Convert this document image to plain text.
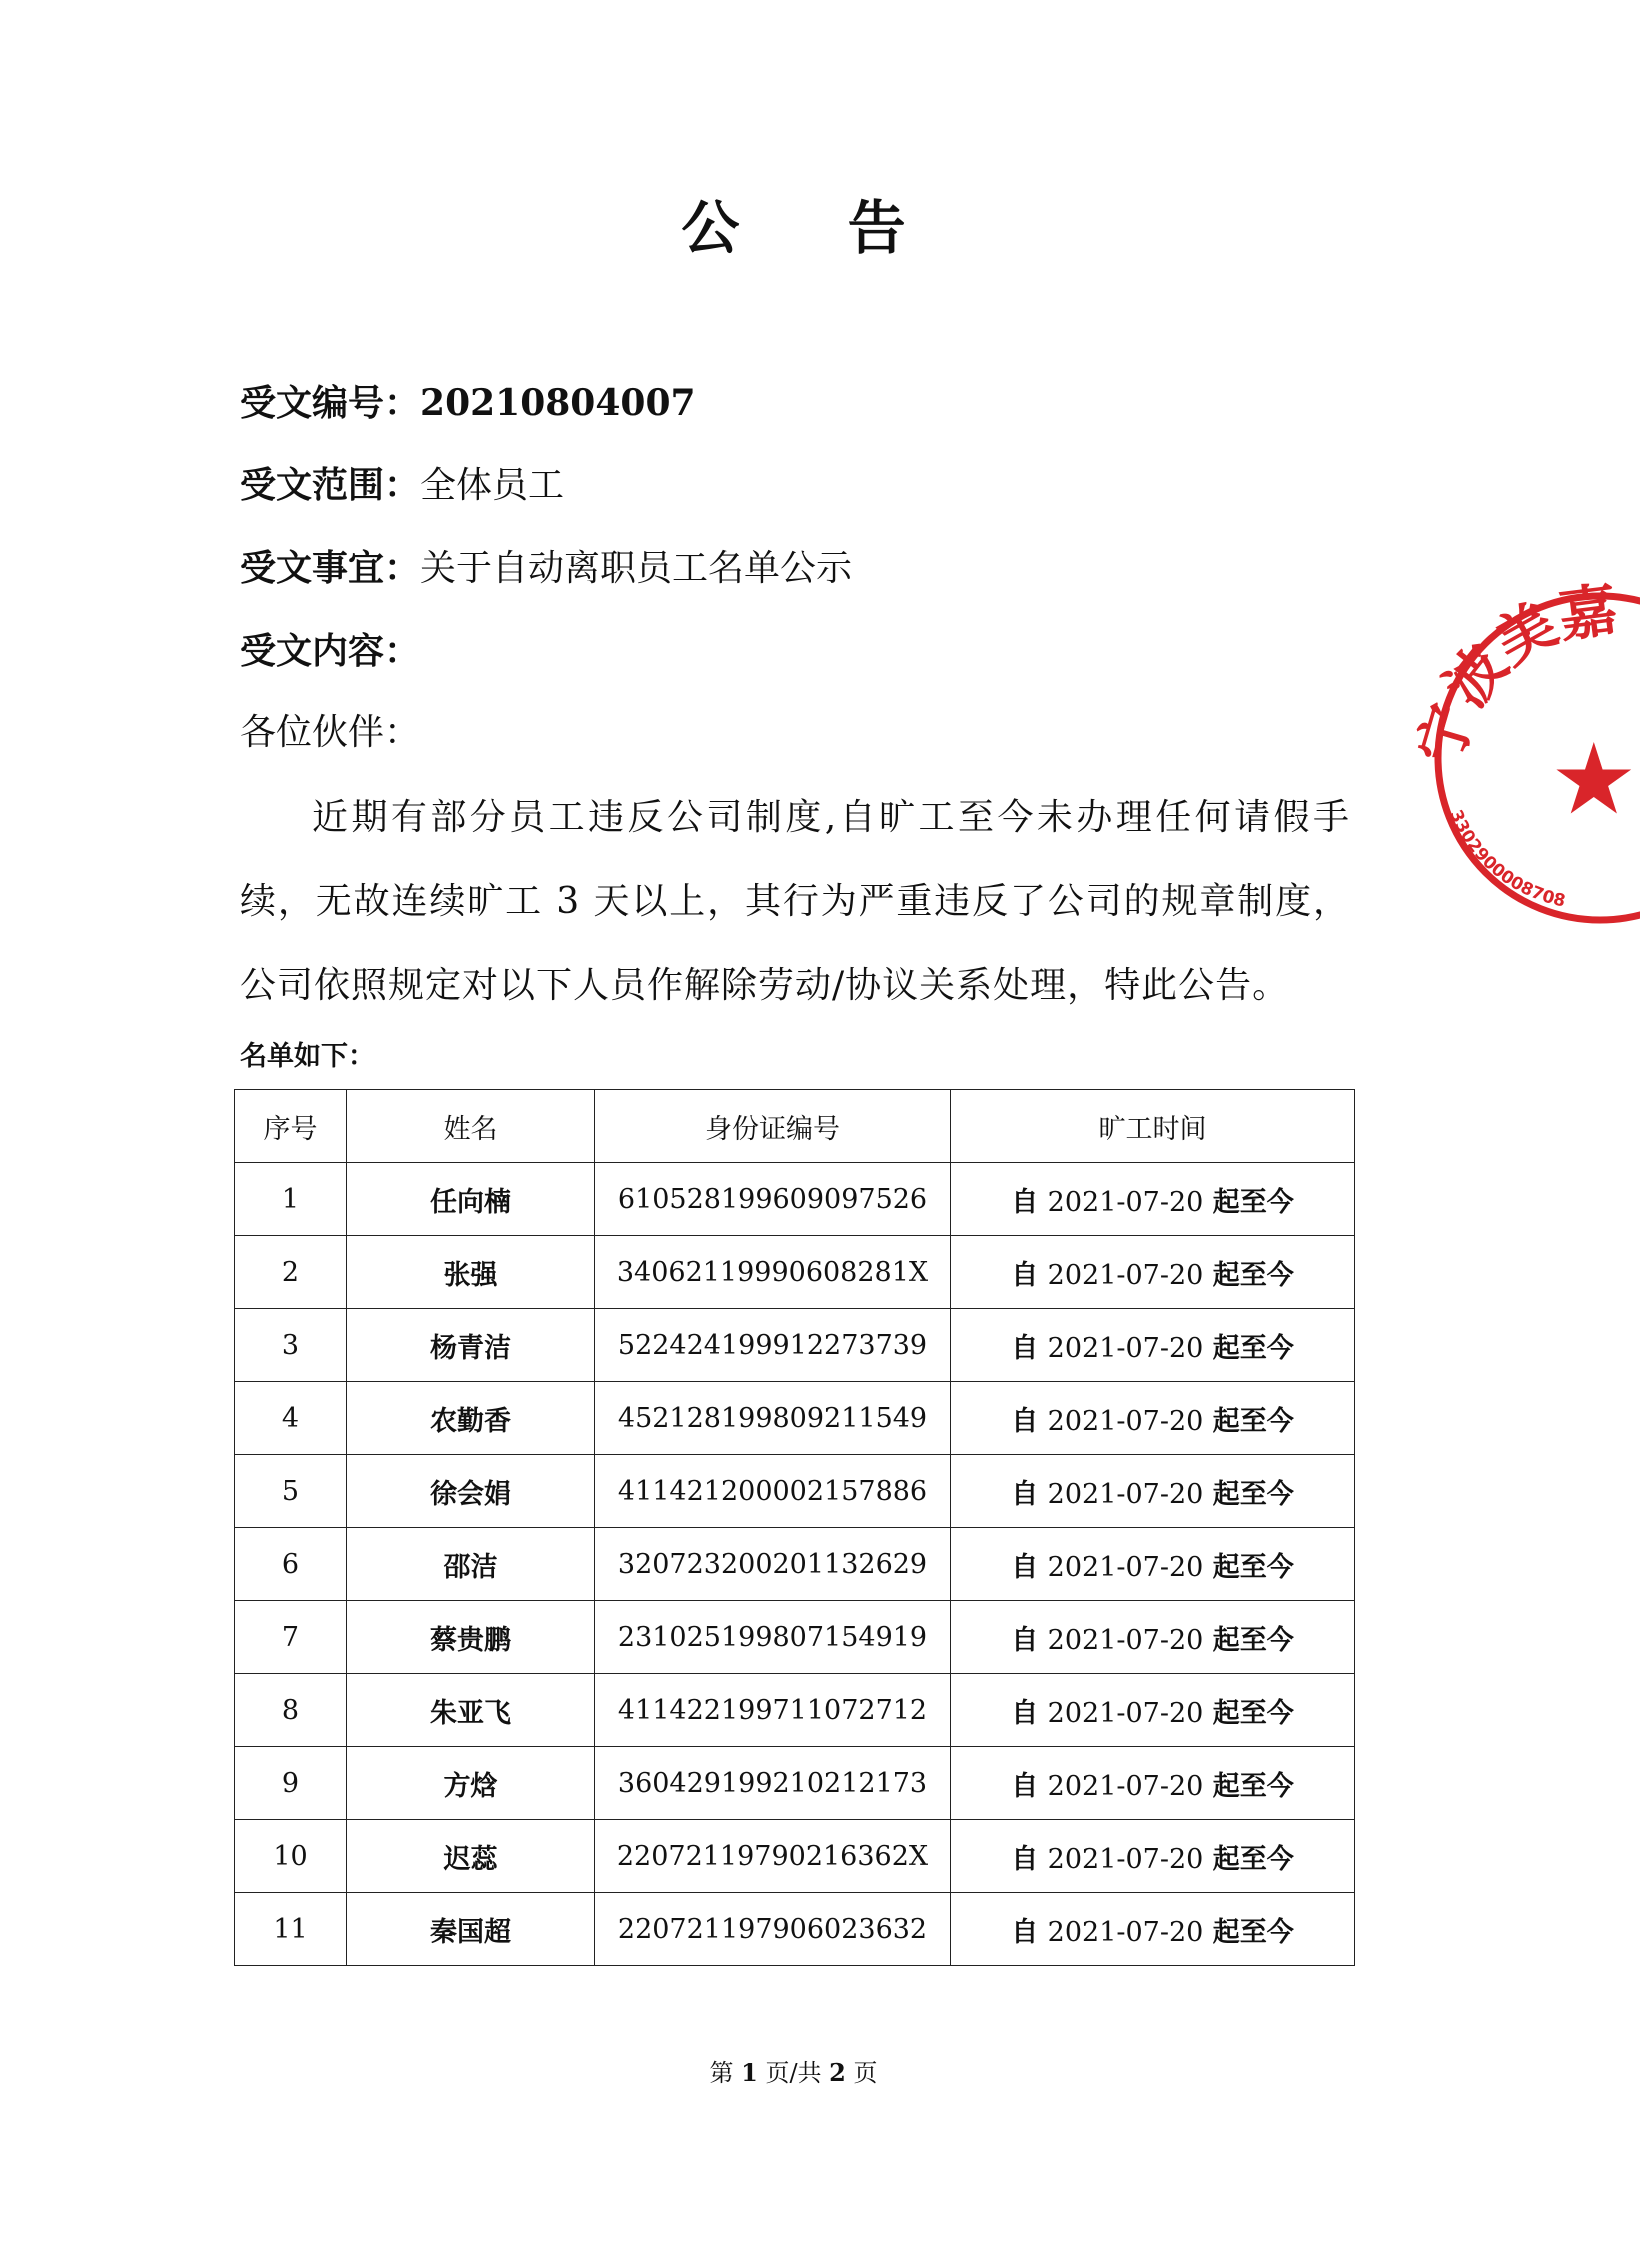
公 告
受文编号：20210804007
受文范围：全体员工
受文事宜：关于自动离职员工名单公示
受文内容：
各位伙伴：
近期有部分员工违反公司制度,自旷工至今未办理任何请假手续，无故连续旷工 3 天以上，其行为严重违反了公司的规章制度，公司依照规定对以下人员作解除劳动/协议关系处理，特此公告。
名单如下：
序号	姓名	身份证编号	旷工时间
1	任向楠	610528199609097526	自 2021-07-20 起至今
2	张强	34062119990608281X	自 2021-07-20 起至今
3	杨青洁	522424199912273739	自 2021-07-20 起至今
4	农勤香	452128199809211549	自 2021-07-20 起至今
5	徐会娟	411421200002157886	自 2021-07-20 起至今
6	邵洁	320723200201132629	自 2021-07-20 起至今
7	蔡贵鹏	231025199807154919	自 2021-07-20 起至今
8	朱亚飞	411422199711072712	自 2021-07-20 起至今
9	方焓	360429199210212173	自 2021-07-20 起至今
10	迟蕊	22072119790216362X	自 2021-07-20 起至今
11	秦国超	220721197906023632	自 2021-07-20 起至今
第 1 页/共 2 页
宁波美嘉瑞特
3302900008708
